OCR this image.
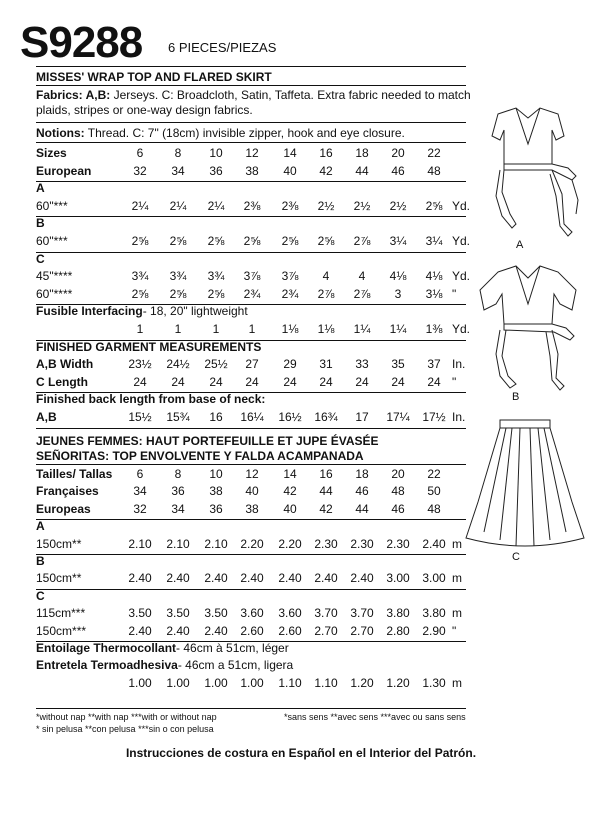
S9288 6 PIECES/PIEZAS
MISSES' WRAP TOP AND FLARED SKIRT
Fabrics: A,B: Jerseys. C: Broadcloth, Satin, Taffeta. Extra fabric needed to match
plaids, stripes or one-way design fabrics.
Notions: Thread. C: 7" (18cm) invisible zipper, hook and eye closure.
Sizes	6	8	10	12	14	16	18	20	22
European	32	34	36	38	40	42	44	46	48
A
60"***	2¼	2¼	2¼	2⅜	2⅜	2½	2½	2½	2⅝ Yd.
B
60"***	2⅝	2⅝	2⅝	2⅝	2⅝	2⅝	2⅞	3¼	3¼ Yd.
C
45"****	3¾	3¾	3¾	3⅞	3⅞	4	4	4⅛	4⅛ Yd.
60"****	2⅝	2⅝	2⅝	2¾	2¾	2⅞	2⅞	3	3⅛ "
Fusible Interfacing- 18, 20" lightweight
1	1	1	1	1⅛	1⅛	1¼	1¼	1⅜ Yd.
FINISHED GARMENT MEASUREMENTS
A,B Width	23½	24½	25½	27	29	31	33	35	37 In.
C Length	24	24	24	24	24	24	24	24	24 "
Finished back length from base of neck:
A,B	15½	15¾	16	16¼	16½	16¾	17	17¼	17½ In.
JEUNES FEMMES: HAUT PORTEFEUILLE ET JUPE ÉVASÉE
SEÑORITAS: TOP ENVOLVENTE Y FALDA ACAMPANADA
Tailles/ Tallas	6	8	10	12	14	16	18	20	22
Françaises	34	36	38	40	42	44	46	48	50
Europeas	32	34	36	38	40	42	44	46	48
A
150cm**	2.10	2.10	2.10	2.20	2.20	2.30	2.30	2.30	2.40 m
B
150cm**	2.40	2.40	2.40	2.40	2.40	2.40	2.40	3.00	3.00 m
C
115cm***	3.50	3.50	3.50	3.60	3.60	3.70	3.70	3.80	3.80 m
150cm***	2.40	2.40	2.40	2.60	2.60	2.70	2.70	2.80	2.90 "
Entoilage Thermocollant- 46cm à 51cm, léger
Entretela Termoadhesiva- 46cm a 51cm, ligera
1.00	1.00	1.00	1.00	1.10	1.10	1.20	1.20	1.30 m
*without nap **with nap ***with or without nap
* sin pelusa **con pelusa ***sin o con pelusa
*sans sens **avec sens ***avec ou sans sens
Instrucciones de costura en Español en el Interior del Patrón.
A
B
C
